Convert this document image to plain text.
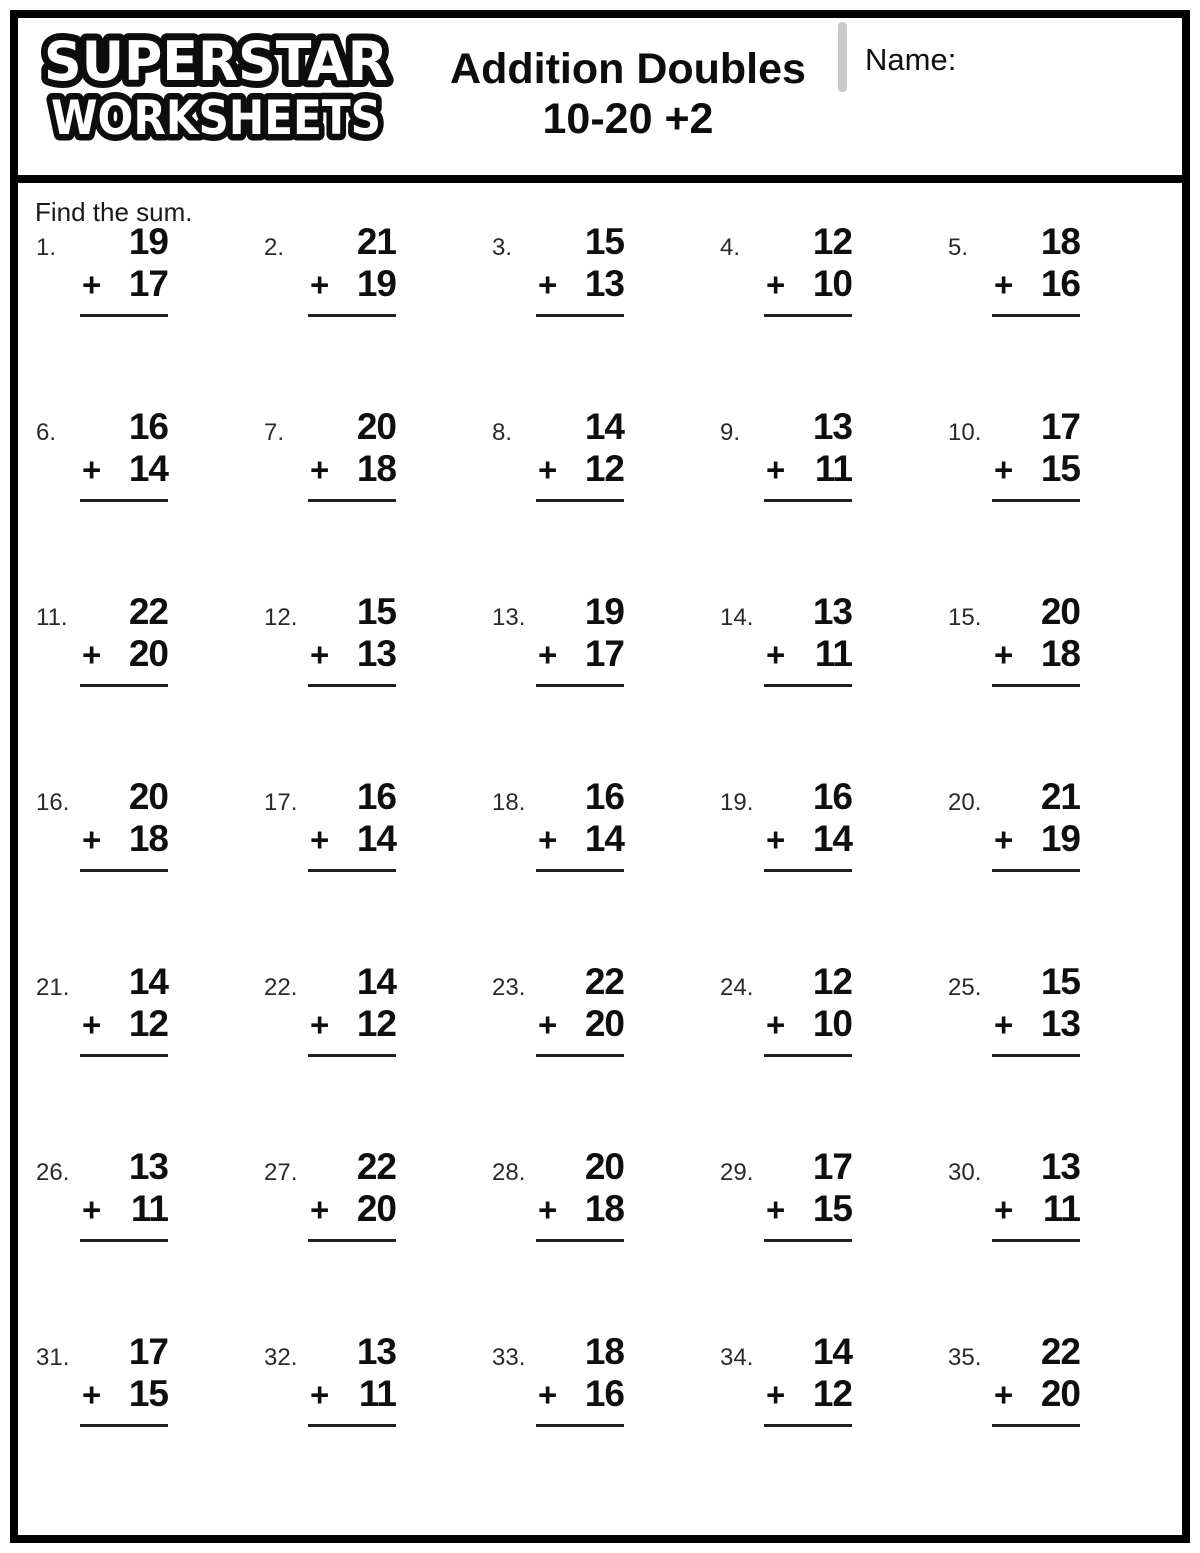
SUPERSTAR
WORKSHEETS
Addition Doubles
10-20 +2
Name:
Find the sum.
1.	19
+ 17
2.	21
+ 19
3.	15
+ 13
4.	12
+ 10
5.	18
+ 16
6.	16
+ 14
7.	20
+ 18
8.	14
+ 12
9.	13
+ 11
10.	17
+ 15
11.	22
+ 20
12.	15
+ 13
13.	19
+ 17
14.	13
+ 11
15.	20
+ 18
16.	20
+ 18
17.	16
+ 14
18.	16
+ 14
19.	16
+ 14
20.	21
+ 19
21.	14
+ 12
22.	14
+ 12
23.	22
+ 20
24.	12
+ 10
25.	15
+ 13
26.	13
+ 11
27.	22
+ 20
28.	20
+ 18
29.	17
+ 15
30.	13
+ 11
31.	17
+ 15
32.	13
+ 11
33.	18
+ 16
34.	14
+ 12
35.	22
+ 20
